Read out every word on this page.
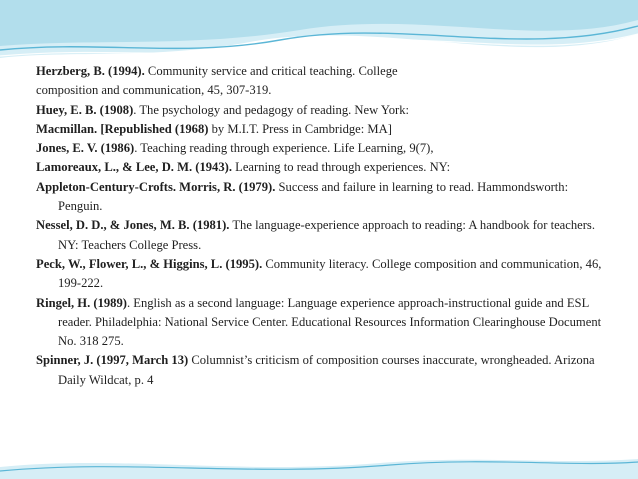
Herzberg, B. (1994). Community service and critical teaching. College

composition and communication, 45, 307-319.

Huey, E. B. (1908). The psychology and pedagogy of reading. New York:

Macmillan. [Republished (1968) by M.I.T. Press in Cambridge: MA]

Jones, E. V. (1986). Teaching reading through experience. Life Learning, 9(7),

Lamoreaux, L., & Lee, D. M. (1943). Learning to read through experiences. NY:

Appleton-Century-Crofts. Morris, R. (1979). Success and failure in learning to read. Hammondsworth: Penguin.

Nessel, D. D., & Jones, M. B. (1981). The language-experience approach to reading: A handbook for teachers. NY: Teachers College Press.

Peck, W., Flower, L., & Higgins, L. (1995). Community literacy. College composition and communication, 46, 199-222.

Ringel, H. (1989). English as a second language: Language experience approach-instructional guide and ESL reader. Philadelphia: National Service Center. Educational Resources Information Clearinghouse Document No. 318 275.

Spinner, J. (1997, March 13) Columnist’s criticism of composition courses inaccurate, wrongheaded. Arizona Daily Wildcat, p. 4
